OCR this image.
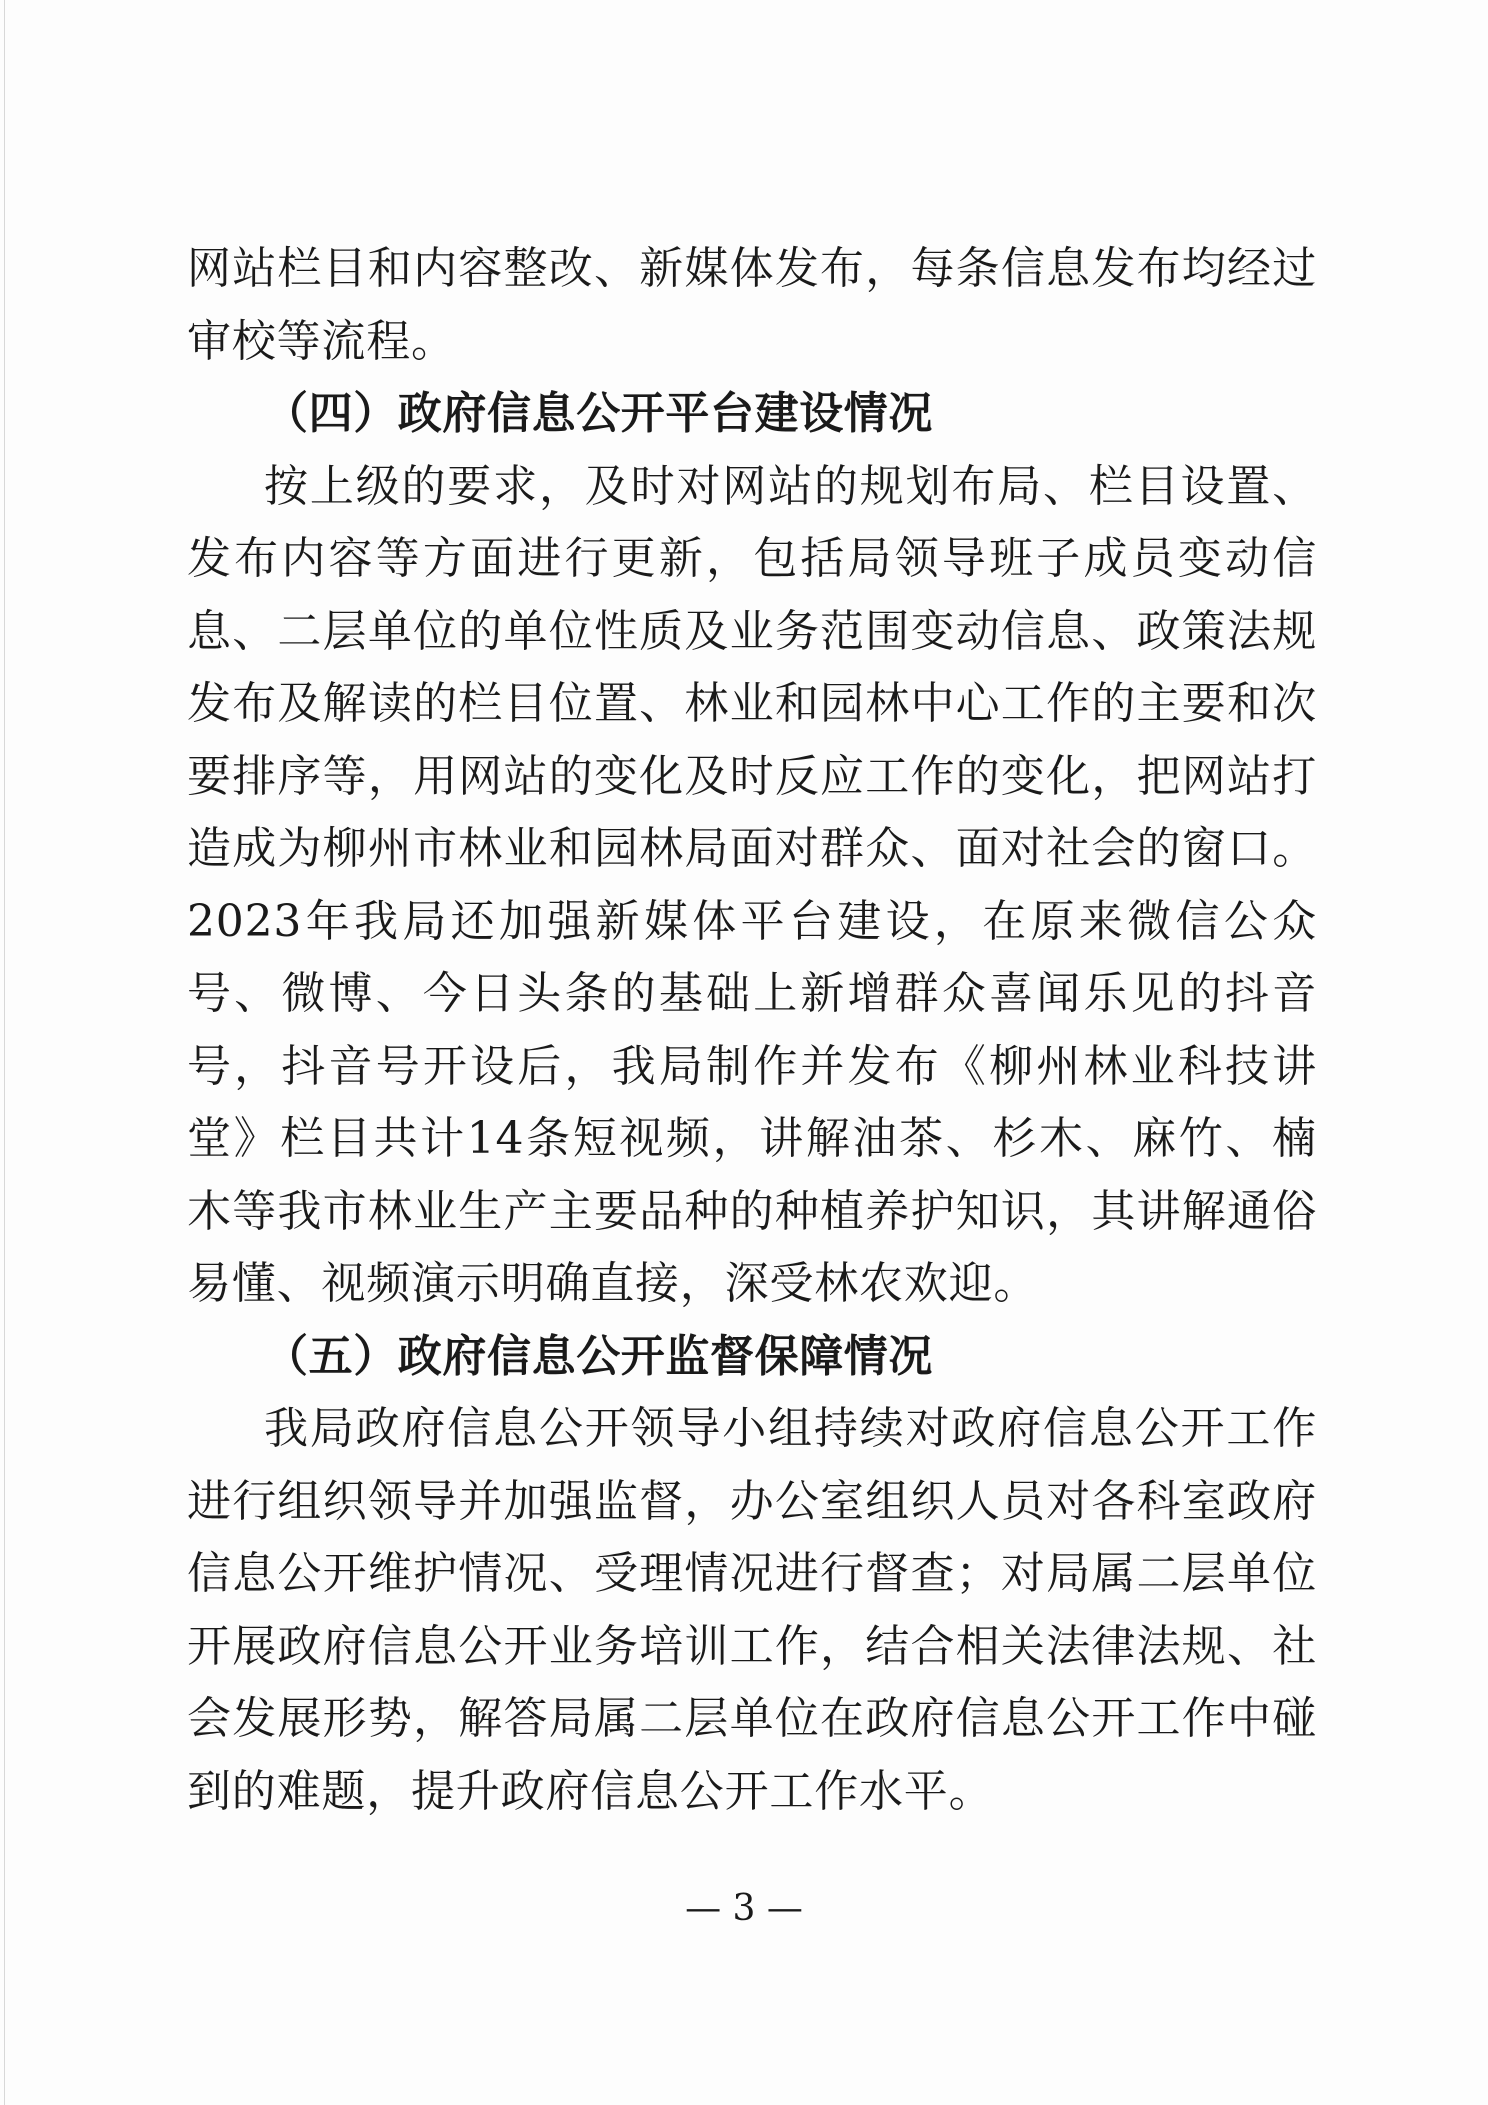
网站栏目和内容整改、新媒体发布，每条信息发布均经过审校等流程。

（四）政府信息公开平台建设情况

按上级的要求，及时对网站的规划布局、栏目设置、发布内容等方面进行更新，包括局领导班子成员变动信息、二层单位的单位性质及业务范围变动信息、政策法规发布及解读的栏目位置、林业和园林中心工作的主要和次要排序等，用网站的变化及时反应工作的变化，把网站打造成为柳州市林业和园林局面对群众、面对社会的窗口。2023年我局还加强新媒体平台建设，在原来微信公众号、微博、今日头条的基础上新增群众喜闻乐见的抖音号，抖音号开设后，我局制作并发布《柳州林业科技讲堂》栏目共计14条短视频，讲解油茶、杉木、麻竹、楠木等我市林业生产主要品种的种植养护知识，其讲解通俗易懂、视频演示明确直接，深受林农欢迎。

（五）政府信息公开监督保障情况

我局政府信息公开领导小组持续对政府信息公开工作进行组织领导并加强监督，办公室组织人员对各科室政府信息公开维护情况、受理情况进行督查；对局属二层单位开展政府信息公开业务培训工作，结合相关法律法规、社会发展形势，解答局属二层单位在政府信息公开工作中碰到的难题，提升政府信息公开工作水平。

— 3 —
